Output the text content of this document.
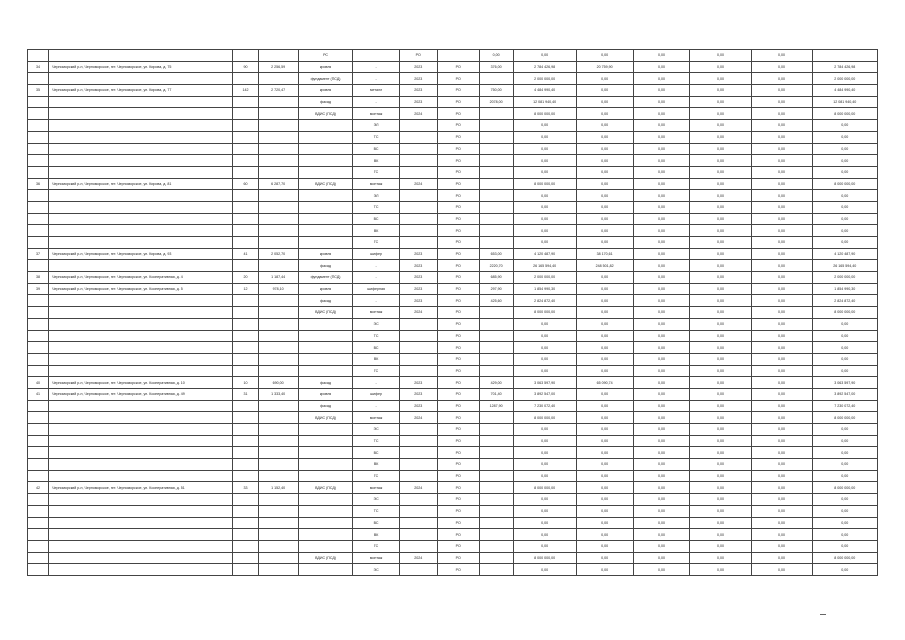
				РС		РО		0,00	0,00	0,00	0,00	0,00	0,00	
34	Черноморский р-н, Черноморское, пгт. Черноморское, ул. Кирова, д. 75	90	2 256,59	кровля	-	2023	РО	376,00	2 784 426,98	20 759,90	0,00	0,00	0,00	2 784 426,98
				фундамент (ПСД)	-	2023	РО		2 000 000,00	0,00	0,00	0,00	0,00	2 000 000,00
35	Черноморский р-н, Черноморское, пгт. Черноморское, ул. Кирова, д. 77	142	2 720,47	кровля	металл	2023	РО	750,00	4 484 990,40	0,00	0,00	0,00	0,00	4 484 990,40
				фасад	-	2023	РО	2078,00	12 081 940,40	0,00	0,00	0,00	0,00	12 081 940,40
				ВДИС (ПСД)	монтаж	2024	РО		8 000 000,00	0,00	0,00	0,00	0,00	8 000 000,00
					ЭЛ		РО		0,00	0,00	0,00	0,00	0,00	0,00
					ТС		РО		0,00	0,00	0,00	0,00	0,00	0,00
					ВС		РО		0,00	0,00	0,00	0,00	0,00	0,00
					ВК		РО		0,00	0,00	0,00	0,00	0,00	0,00
					ГС		РО		0,00	0,00	0,00	0,00	0,00	0,00
36	Черноморский р-н, Черноморское, пгт. Черноморское, ул. Кирова, д. 81	60	6 287,70	ВДИС (ПСД)	монтаж	2024	РО		8 000 000,00	0,00	0,00	0,00	0,00	8 000 000,00
					ЭЛ		РО		0,00	0,00	0,00	0,00	0,00	0,00
					ТС		РО		0,00	0,00	0,00	0,00	0,00	0,00
					ВС		РО		0,00	0,00	0,00	0,00	0,00	0,00
					ВК		РО		0,00	0,00	0,00	0,00	0,00	0,00
					ГС		РО		0,00	0,00	0,00	0,00	0,00	0,00
37	Черноморский р-н, Черноморское, пгт. Черноморское, ул. Кирова, д. 93	41	2 052,70	кровля	шифер	2023	РО	653,00	4 120 487,90	38 170,61	0,00	0,00	0,00	4 120 487,90
				фасад	-	2023	РО	2220,70	26 165 594,40	248 501,82	0,00	0,00	0,00	26 165 594,40
38	Черноморский р-н, Черноморское, пгт. Черноморское, ул. Кооперативная, д. 4	20	1 187,44	фундамент (ПСД)	-	2023	РО	685,90	2 000 000,00	0,00	0,00	0,00	0,00	2 000 000,00
39	Черноморский р-н, Черноморское, пгт. Черноморское, ул. Кооперативная, д. 5	12	978,10	кровля	шиферная	2023	РО	297,90	1 854 990,30	0,00	0,00	0,00	0,00	1 854 990,30
				фасад	-	2023	РО	425,60	2 824 872,40	0,00	0,00	0,00	0,00	2 824 872,40
				ВДИС (ПСД)	монтаж	2024	РО		8 000 000,00	0,00	0,00	0,00	0,00	8 000 000,00
					ЭС		РО		0,00	0,00	0,00	0,00	0,00	0,00
					ТС		РО		0,00	0,00	0,00	0,00	0,00	0,00
					ВС		РО		0,00	0,00	0,00	0,00	0,00	0,00
					ВК		РО		0,00	0,00	0,00	0,00	0,00	0,00
					ГС		РО		0,00	0,00	0,00	0,00	0,00	0,00
40	Черноморский р-н, Черноморское, пгт. Черноморское, ул. Кооперативная, д. 10	10	690,00	фасад	-	2023	РО	429,00	3 063 597,90	65 090,74	0,00	0,00	0,00	3 063 597,90
41	Черноморский р-н, Черноморское, пгт. Черноморское, ул. Кооперативная, д. 49	31	1 333,40	кровля	шифер	2023	РО	701,40	3 892 547,00	0,00	0,00	0,00	0,00	3 892 547,00
				фасад	-	2023	РО	1287,90	7 230 072,40	0,00	0,00	0,00	0,00	7 230 072,40
				ВДИС (ПСД)	монтаж	2024	РО		8 000 000,00	0,00	0,00	0,00	0,00	8 000 000,00
					ЭС		РО		0,00	0,00	0,00	0,00	0,00	0,00
					ТС		РО		0,00	0,00	0,00	0,00	0,00	0,00
					ВС		РО		0,00	0,00	0,00	0,00	0,00	0,00
					ВК		РО		0,00	0,00	0,00	0,00	0,00	0,00
					ГС		РО		0,00	0,00	0,00	0,00	0,00	0,00
42	Черноморский р-н, Черноморское, пгт. Черноморское, ул. Кооперативная, д. 51	33	1 152,40	ВДИС (ПСД)	монтаж	2024	РО		8 000 000,00	0,00	0,00	0,00	0,00	8 000 000,00
					ЭС		РО		0,00	0,00	0,00	0,00	0,00	0,00
					ТС		РО		0,00	0,00	0,00	0,00	0,00	0,00
					ВС		РО		0,00	0,00	0,00	0,00	0,00	0,00
					ВК		РО		0,00	0,00	0,00	0,00	0,00	0,00
					ГС		РО		0,00	0,00	0,00	0,00	0,00	0,00
				ВДИС (ПСД)	монтаж	2024	РО		8 000 000,00	0,00	0,00	0,00	0,00	8 000 000,00
					ЭС		РО		0,00	0,00	0,00	0,00	0,00	0,00
